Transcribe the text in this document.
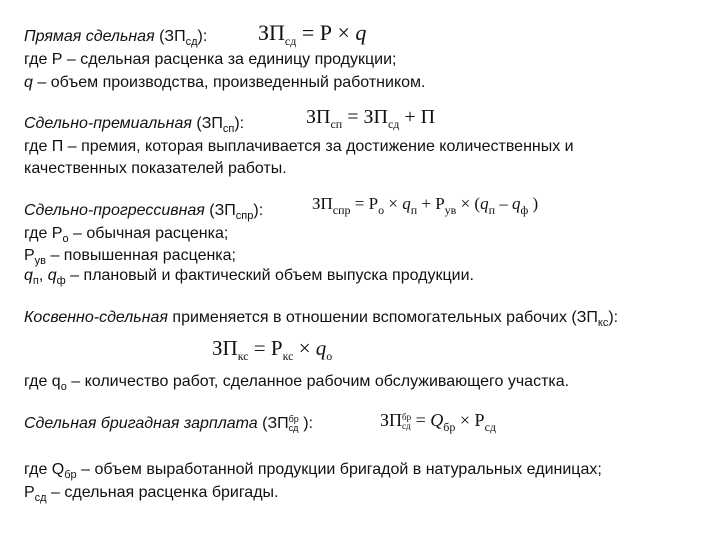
Прямая сдельная $(ЗП_{сд})$: $ЗП_{сд} = Р \times q$
где Р – сдельная расценка за единицу продукции;
q – объем производства, произведенный работником.
Сдельно-премиальная $(ЗП_{сп})$:	$ЗП_{сп} = ЗП_{сд} + П$
где П – премия, которая выплачивается за достижение количественных и
качественных показателей работы.
Сдельно-прогрессивная $(ЗП_{спр})$:	$ЗП_{спр} = Р_о \times q_п + Р_{ув} \times (q_п - q_ф$ )
где $Р_о$ – обычная расценка;
$Р_{ув}$ – повышенная расценка;
$q_п$, $q_ф$ – плановый и фактический объем выпуска продукции.
Косвенно-сдельная применяется в отношении вспомогательных рабочих $(ЗП_{кс})$:
$ЗП_{кс} = Р_{кс} \times q_о$
где $q_о$ – количество работ, сделанное рабочим обслуживающего участка.
Сдельная бригадная зарплата (ЗП бр
сд ):	ЗП бр
сд = $Q_{бр} \times Р_{сд}$
где $Q_{бр}$ – объем выработанной продукции бригадой в натуральных единицах;
$Р_{сд}$ – сдельная расценка бригады.
